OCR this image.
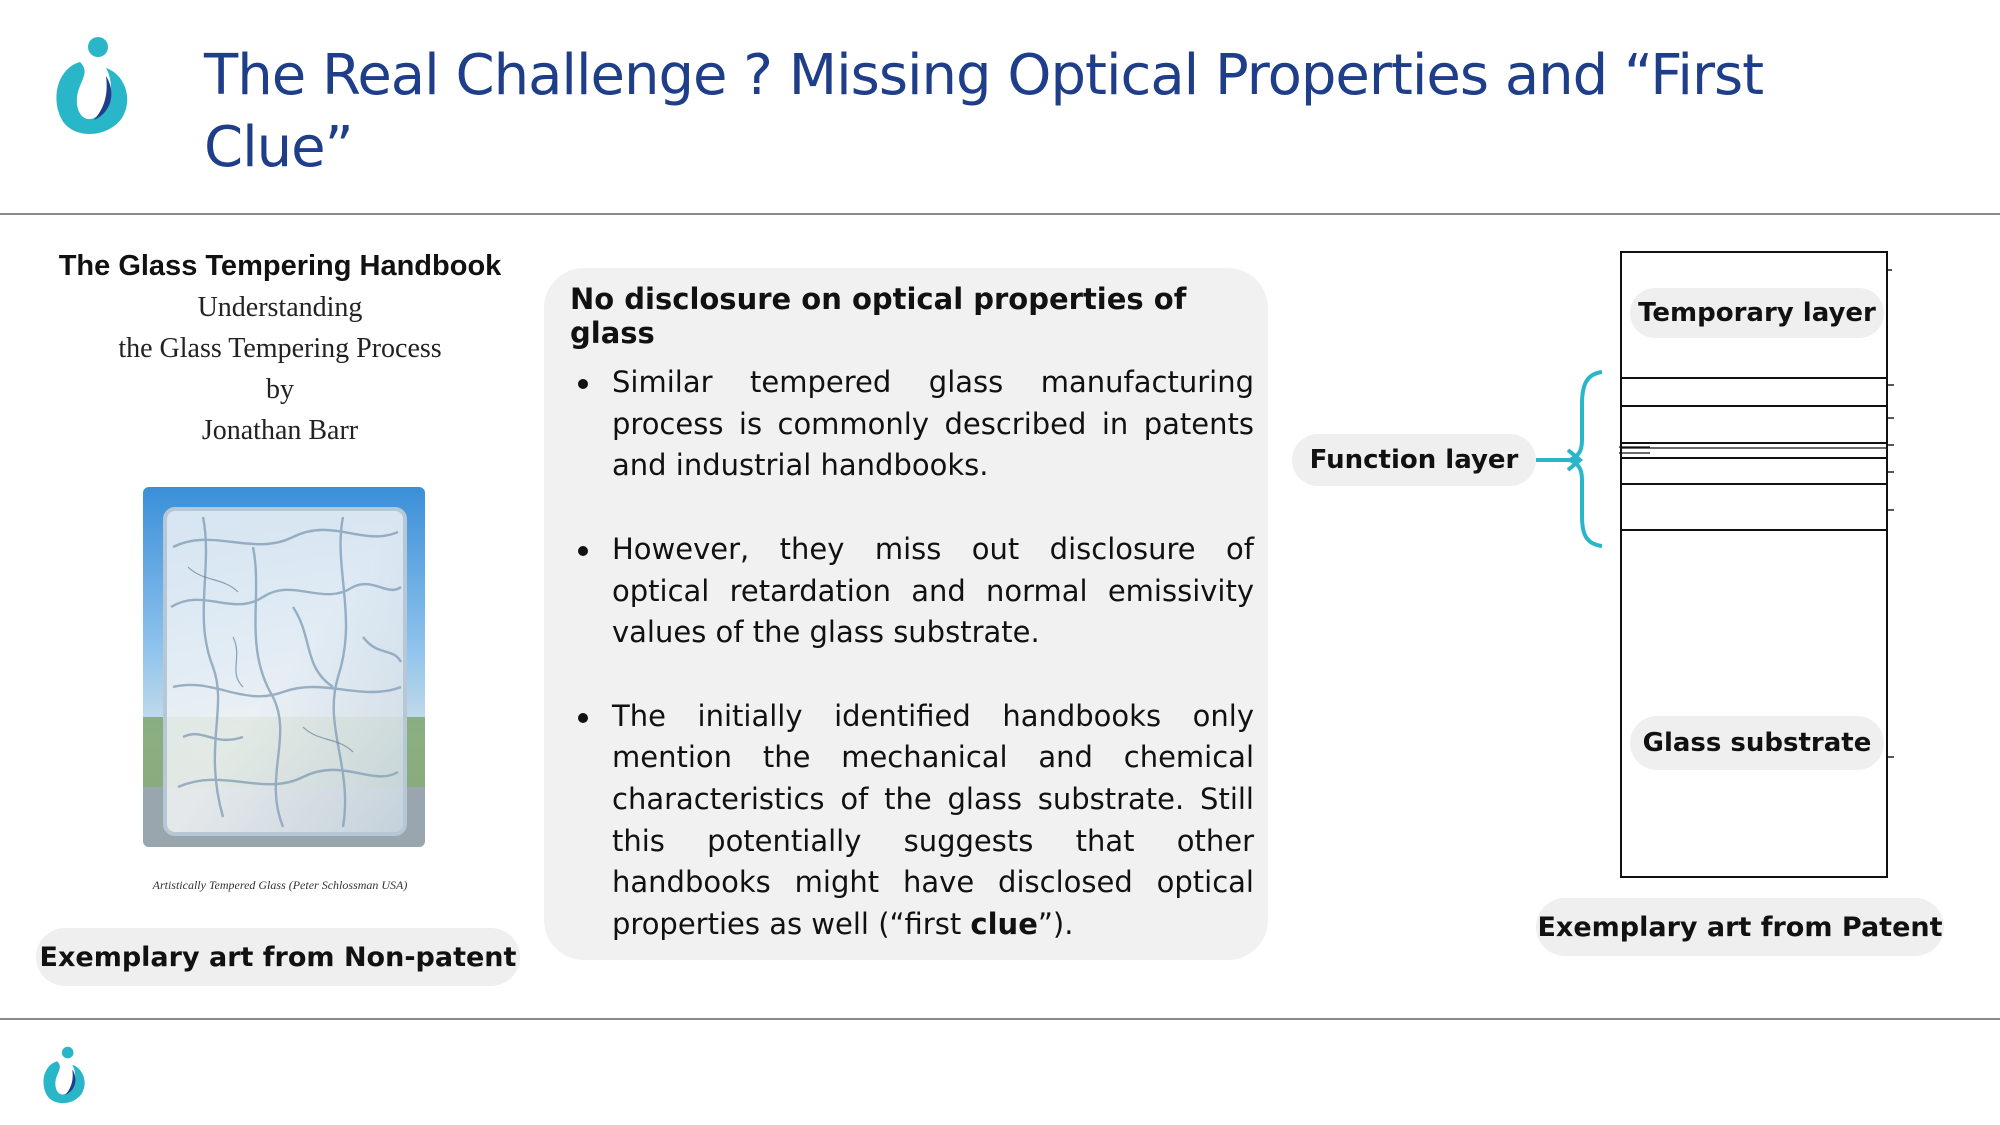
The Real Challenge ? Missing Optical Properties and “First Clue”
The Glass Tempering Handbook
Understanding
the Glass Tempering Process
by
Jonathan Barr
Artistically Tempered Glass (Peter Schlossman USA)
Exemplary art from Non-patent
No disclosure on optical properties of glass
Similar tempered glass manufacturing process is commonly described in patents and industrial handbooks.
However, they miss out disclosure of optical retardation and normal emissivity values of the glass substrate.
The initially identified handbooks only mention the mechanical and chemical characteristics of the glass substrate. Still this potentially suggests that other handbooks might have disclosed optical properties as well (“first clue”).
Function layer
Temporary layer
Glass substrate
Exemplary art from Patent
